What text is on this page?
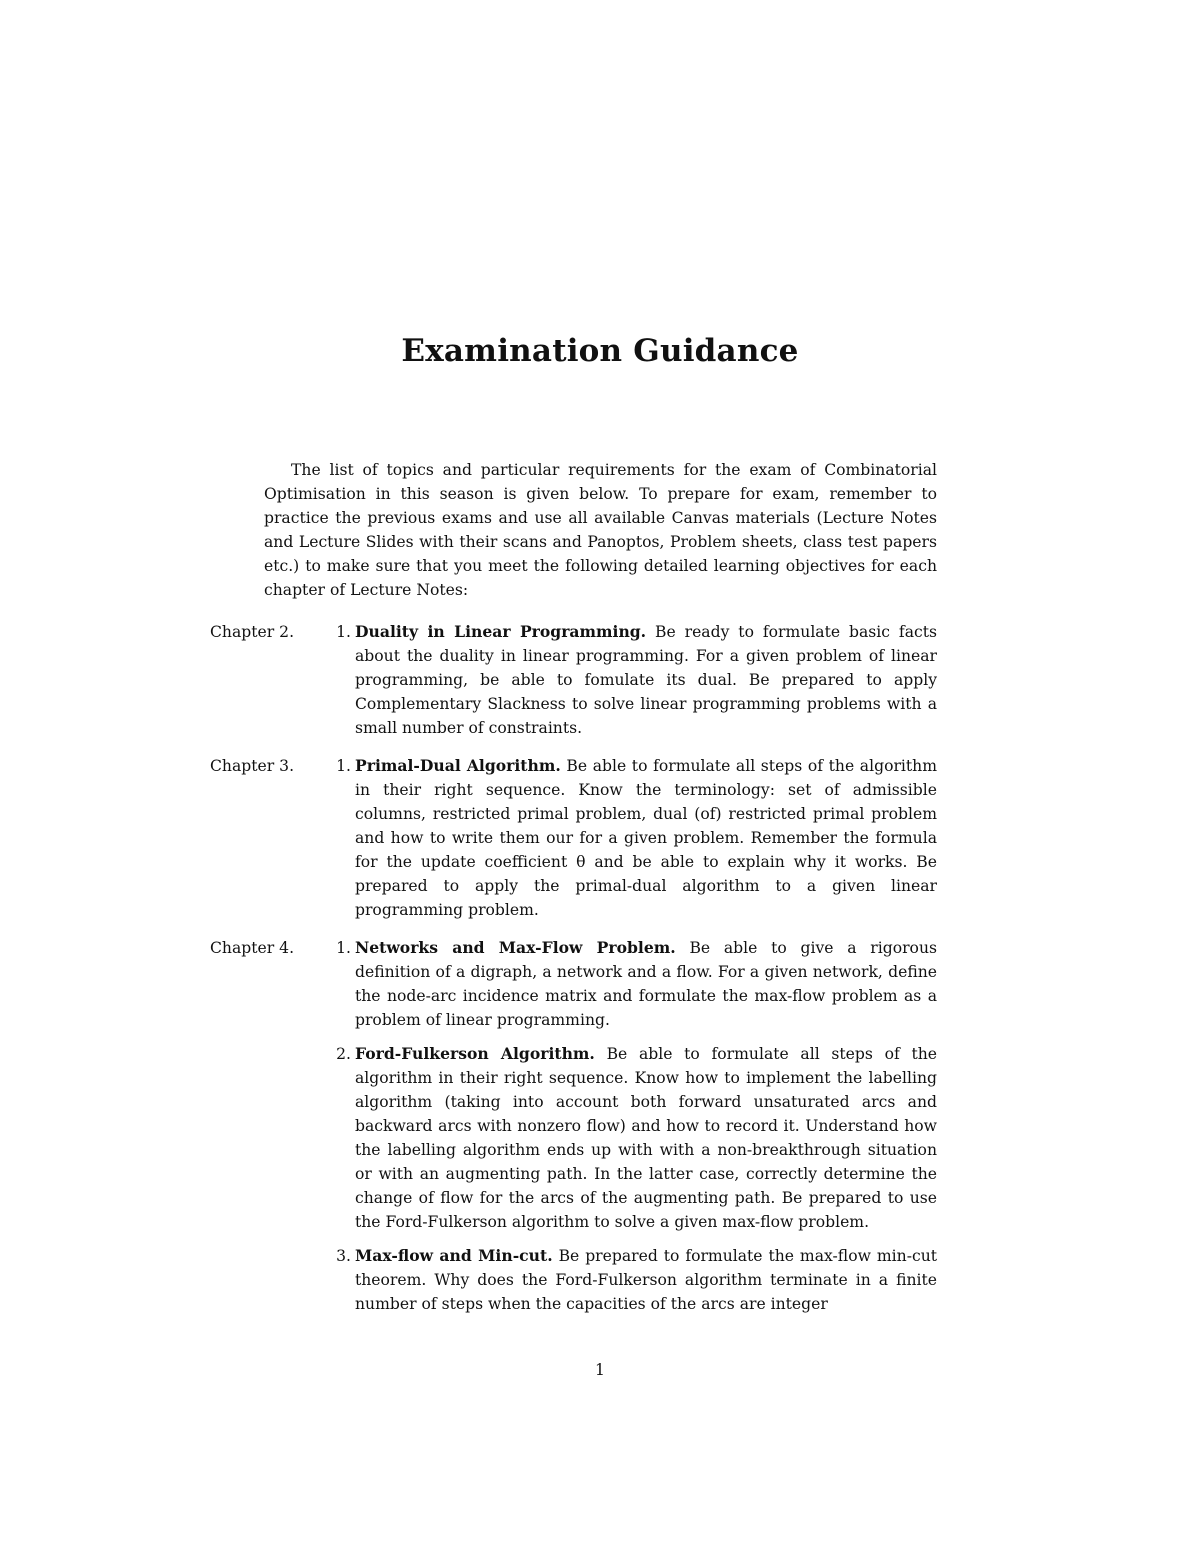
Examination Guidance

The list of topics and particular requirements for the exam of Combinatorial Optimisation in this season is given below. To prepare for exam, remember to practice the previous exams and use all available Canvas materials (Lecture Notes and Lecture Slides with their scans and Panoptos, Problem sheets, class test papers etc.) to make sure that you meet the following detailed learning objectives for each chapter of Lecture Notes:

Chapter 2.	1. Duality in Linear Programming. Be ready to formulate basic facts about the duality in linear programming. For a given problem of linear programming, be able to fomulate its dual. Be prepared to apply Complementary Slackness to solve linear programming problems with a small number of constraints.
Chapter 3.	1. Primal-Dual Algorithm. Be able to formulate all steps of the algorithm in their right sequence. Know the terminology: set of admissible columns, restricted primal problem, dual (of) restricted primal problem and how to write them our for a given problem. Remember the formula for the update coefficient θ and be able to explain why it works. Be prepared to apply the primal-dual algorithm to a given linear programming problem.
Chapter 4.	1. Networks and Max-Flow Problem. Be able to give a rigorous definition of a digraph, a network and a flow. For a given network, define the node-arc incidence matrix and formulate the max-flow problem as a problem of linear programming.
2. Ford-Fulkerson Algorithm. Be able to formulate all steps of the algorithm in their right sequence. Know how to implement the labelling algorithm (taking into account both forward unsaturated arcs and backward arcs with nonzero flow) and how to record it. Understand how the labelling algorithm ends up with with a non-breakthrough situation or with an augmenting path. In the latter case, correctly determine the change of flow for the arcs of the augmenting path. Be prepared to use the Ford-Fulkerson algorithm to solve a given max-flow problem.
3. Max-flow and Min-cut. Be prepared to formulate the max-flow min-cut theorem. Why does the Ford-Fulkerson algorithm terminate in a finite number of steps when the capacities of the arcs are integer
1
